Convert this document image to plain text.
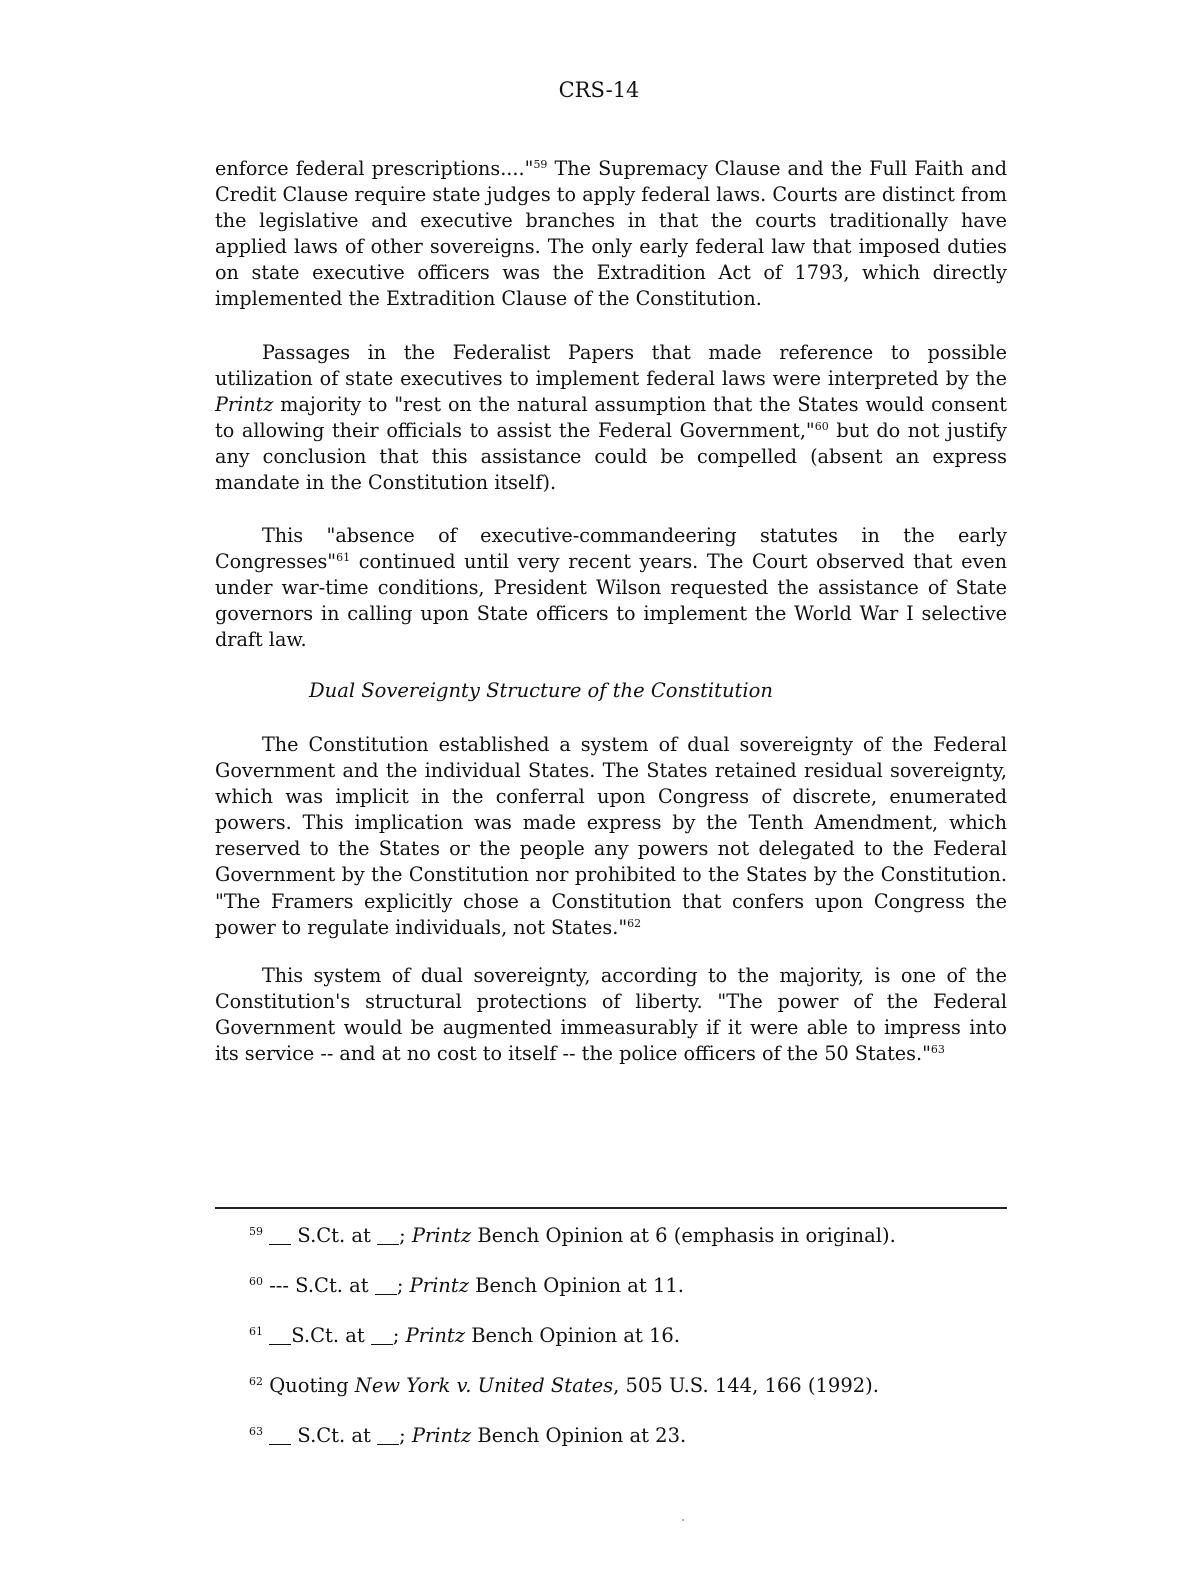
CRS-14

enforce federal prescriptions...."$^{59}$ The Supremacy Clause and the Full Faith and Credit Clause require state judges to apply federal laws. Courts are distinct from the legislative and executive branches in that the courts traditionally have applied laws of other sovereigns. The only early federal law that imposed duties on state executive officers was the Extradition Act of 1793, which directly implemented the Extradition Clause of the Constitution.

Passages in the Federalist Papers that made reference to possible utilization of state executives to implement federal laws were interpreted by the Printz majority to "rest on the natural assumption that the States would consent to allowing their officials to assist the Federal Government,"$^{60}$ but do not justify any conclusion that this assistance could be compelled (absent an express mandate in the Constitution itself).

This "absence of executive-commandeering statutes in the early Congresses"$^{61}$ continued until very recent years. The Court observed that even under war-time conditions, President Wilson requested the assistance of State governors in calling upon State officers to implement the World War I selective draft law.

Dual Sovereignty Structure of the Constitution

The Constitution established a system of dual sovereignty of the Federal Government and the individual States. The States retained residual sovereignty, which was implicit in the conferral upon Congress of discrete, enumerated powers. This implication was made express by the Tenth Amendment, which reserved to the States or the people any powers not delegated to the Federal Government by the Constitution nor prohibited to the States by the Constitution. "The Framers explicitly chose a Constitution that confers upon Congress the power to regulate individuals, not States."$^{62}$

This system of dual sovereignty, according to the majority, is one of the Constitution's structural protections of liberty. "The power of the Federal Government would be augmented immeasurably if it were able to impress into its service -- and at no cost to itself -- the police officers of the 50 States."$^{63}$

$^{59}$  S.Ct. at ; Printz Bench Opinion at 6 (emphasis in original).
$^{60}$ --- S.Ct. at ; Printz Bench Opinion at 11.
$^{61}$ S.Ct. at ; Printz Bench Opinion at 16.
$^{62}$ Quoting New York v. United States, 505 U.S. 144, 166 (1992).
$^{63}$  S.Ct. at ; Printz Bench Opinion at 23.
